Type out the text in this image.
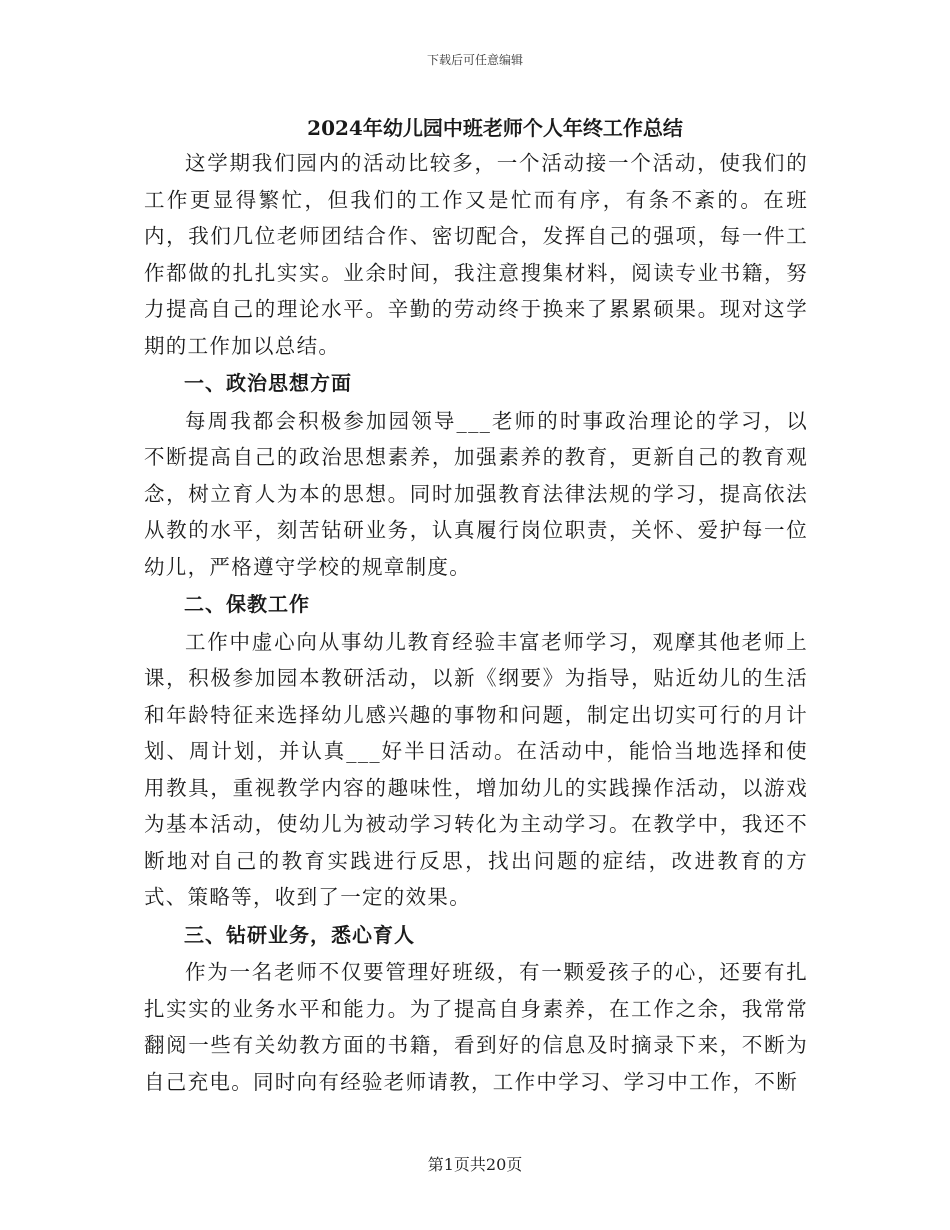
下载后可任意编辑
2024年幼儿园中班老师个人年终工作总结

这学期我们园内的活动比较多，一个活动接一个活动，使我们的工作更显得繁忙，但我们的工作又是忙而有序，有条不紊的。在班内，我们几位老师团结合作、密切配合，发挥自己的强项，每一件工作都做的扎扎实实。业余时间，我注意搜集材料，阅读专业书籍，努力提高自己的理论水平。辛勤的劳动终于换来了累累硕果。现对这学期的工作加以总结。

一、政治思想方面

每周我都会积极参加园领导___老师的时事政治理论的学习，以不断提高自己的政治思想素养，加强素养的教育，更新自己的教育观念，树立育人为本的思想。同时加强教育法律法规的学习，提高依法从教的水平，刻苦钻研业务，认真履行岗位职责，关怀、爱护每一位幼儿，严格遵守学校的规章制度。

二、保教工作

工作中虚心向从事幼儿教育经验丰富老师学习，观摩其他老师上课，积极参加园本教研活动，以新《纲要》为指导，贴近幼儿的生活和年龄特征来选择幼儿感兴趣的事物和问题，制定出切实可行的月计划、周计划，并认真___好半日活动。在活动中，能恰当地选择和使用教具，重视教学内容的趣味性，增加幼儿的实践操作活动，以游戏为基本活动，使幼儿为被动学习转化为主动学习。在教学中，我还不断地对自己的教育实践进行反思，找出问题的症结，改进教育的方式、策略等，收到了一定的效果。

三、钻研业务，悉心育人

作为一名老师不仅要管理好班级，有一颗爱孩子的心，还要有扎扎实实的业务水平和能力。为了提高自身素养，在工作之余，我常常翻阅一些有关幼教方面的书籍，看到好的信息及时摘录下来，不断为自己充电。同时向有经验老师请教，工作中学习、学习中工作，不断

第1页共20页
